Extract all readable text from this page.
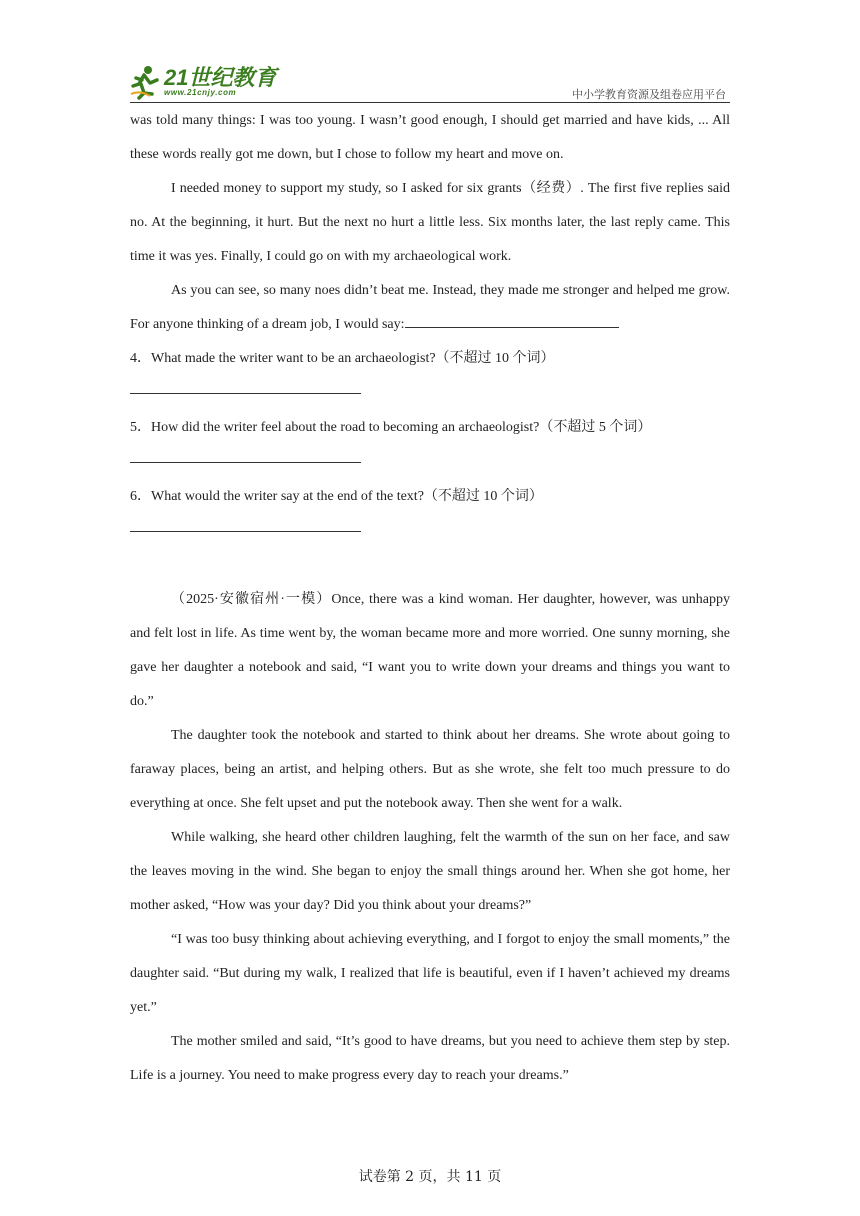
21世纪教育
www.21cnjy.com	中小学教育资源及组卷应用平台

was told many things: I was too young. I wasn’t good enough, I should get married and have kids, ... All these words really got me down, but I chose to follow my heart and move on.

I needed money to support my study, so I asked for six grants（经费）. The first five replies said no. At the beginning, it hurt. But the next no hurt a little less. Six months later, the last reply came. This time it was yes. Finally, I could go on with my archaeological work.

As you can see, so many noes didn’t beat me. Instead, they made me stronger and helped me grow. For anyone thinking of a dream job, I would say:

4．What made the writer want to be an archaeologist?（不超过 10 个词）

5．How did the writer feel about the road to becoming an archaeologist?（不超过 5 个词）

6．What would the writer say at the end of the text?（不超过 10 个词）

（2025·安徽宿州·一模）Once, there was a kind woman. Her daughter, however, was unhappy and felt lost in life. As time went by, the woman became more and more worried. One sunny morning, she gave her daughter a notebook and said, “I want you to write down your dreams and things you want to do.”

The daughter took the notebook and started to think about her dreams. She wrote about going to faraway places, being an artist, and helping others. But as she wrote, she felt too much pressure to do everything at once. She felt upset and put the notebook away. Then she went for a walk.

While walking, she heard other children laughing, felt the warmth of the sun on her face, and saw the leaves moving in the wind. She began to enjoy the small things around her. When she got home, her mother asked, “How was your day? Did you think about your dreams?”

“I was too busy thinking about achieving everything, and I forgot to enjoy the small moments,” the daughter said. “But during my walk, I realized that life is beautiful, even if I haven’t achieved my dreams yet.”

The mother smiled and said, “It’s good to have dreams, but you need to achieve them step by step. Life is a journey. You need to make progress every day to reach your dreams.”

试卷第 2 页，共 11 页
